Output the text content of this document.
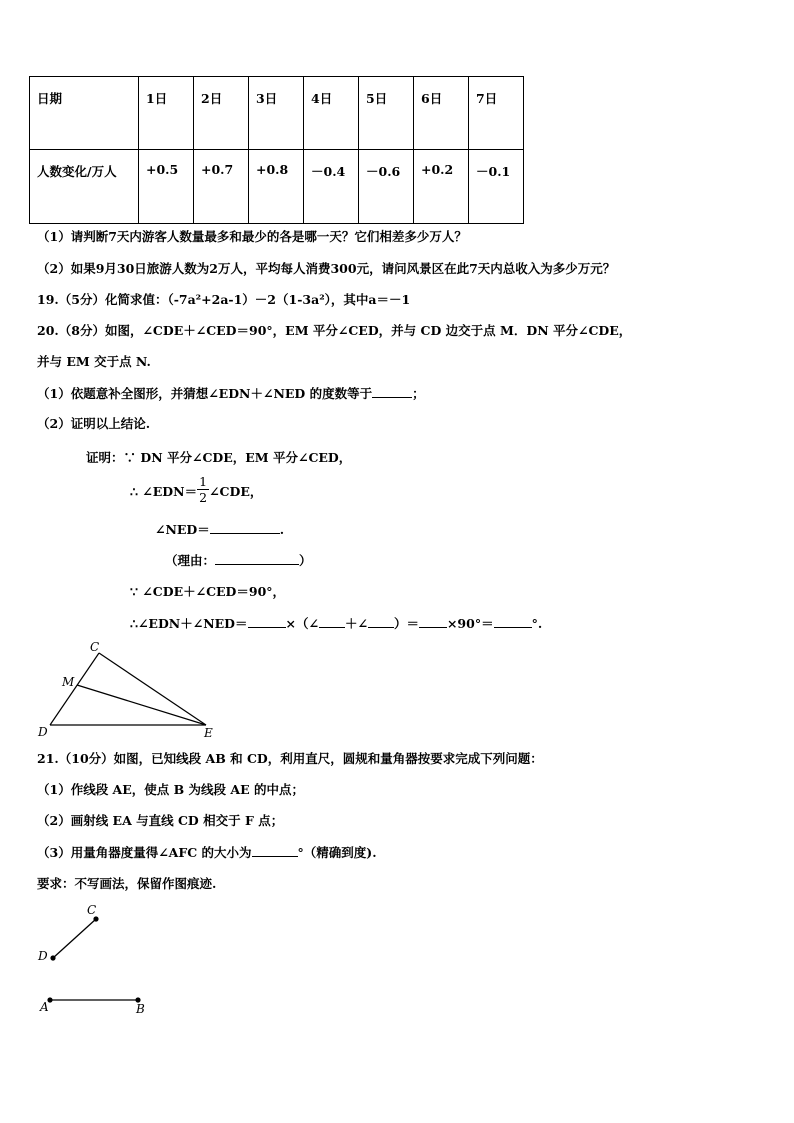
日期	1日	2日	3日	4日	5日	6日	7日
人数变化/万人	+0.5	+0.7	+0.8	－0.4	－0.6	+0.2	－0.1
（1）请判断7天内游客人数量最多和最少的各是哪一天？它们相差多少万人？
（2）如果9月30日旅游人数为2万人，平均每人消费300元，请问风景区在此7天内总收入为多少万元？
19.（5分）化简求值：（-7a²+2a-1）－2（1-3a²），其中a＝－1
20.（8分）如图，∠CDE＋∠CED＝90°，EM 平分∠CED，并与 CD 边交于点 M．DN 平分∠CDE，
并与 EM 交于点 N.
（1）依题意补全图形，并猜想∠EDN＋∠NED 的度数等于	；
（2）证明以上结论.
证明：∵ DN 平分∠CDE，EM 平分∠CED，
∴ ∠EDN＝ $\frac{1}{2}$ ∠CDE，
∠NED＝	.
（理由：	）
∵ ∠CDE＋∠CED＝90°，
∴∠EDN＋∠NED＝	×（∠ ＋∠ ）＝ ×90°＝	°.
C
M
D	E
21.（10分）如图，已知线段 AB 和 CD，利用直尺，圆规和量角器按要求完成下列问题：
（1）作线段 AE，使点 B 为线段 AE 的中点；
（2）画射线 EA 与直线 CD 相交于 F 点；
（3）用量角器度量得∠AFC 的大小为	°（精确到度).
要求：不写画法，保留作图痕迹.
C
D
A	B
